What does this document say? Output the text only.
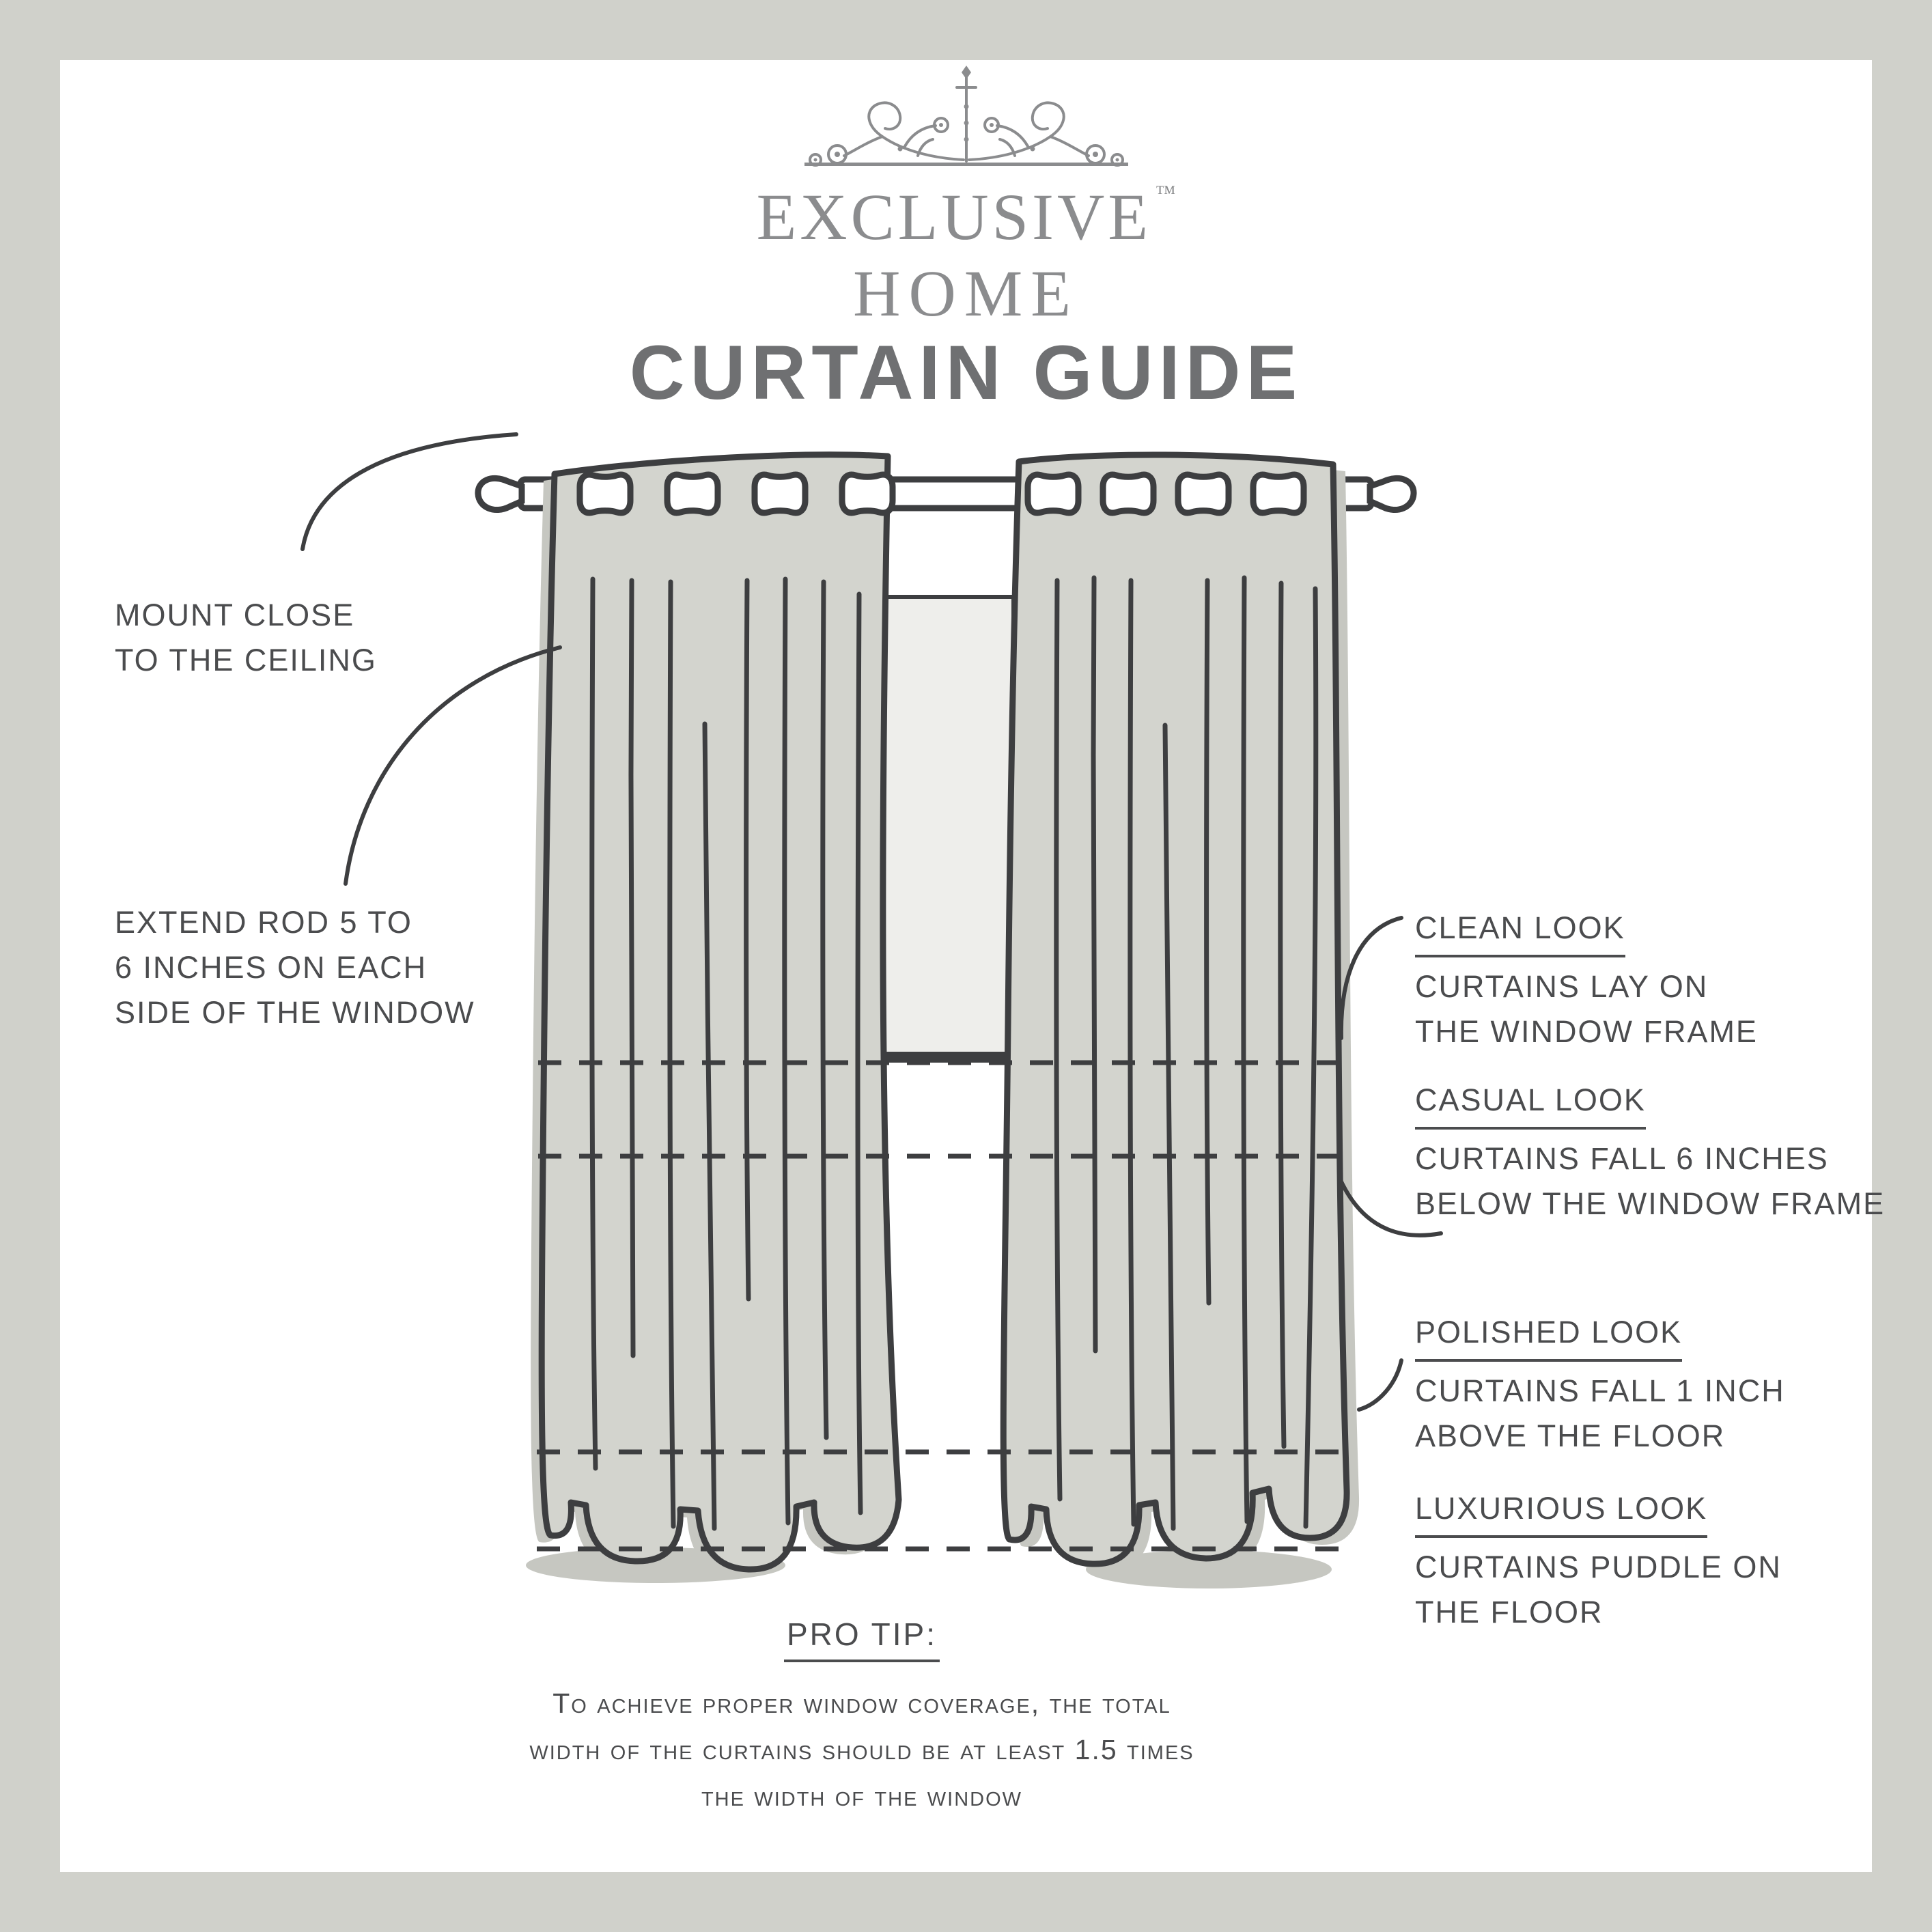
EXCLUSIVE ™
HOME
CURTAIN GUIDE
MOUNT CLOSE
TO THE CEILING
EXTEND ROD 5 TO
6 INCHES ON EACH
SIDE OF THE WINDOW
CLEAN LOOK
CURTAINS LAY ON
THE WINDOW FRAME
CASUAL LOOK
CURTAINS FALL 6 INCHES
BELOW THE WINDOW FRAME
POLISHED LOOK
CURTAINS FALL 1 INCH
ABOVE THE FLOOR
LUXURIOUS LOOK
CURTAINS PUDDLE ON
THE FLOOR
PRO TIP:
To achieve proper window coverage, the total
width of the curtains should be at least 1.5 times
the width of the window
